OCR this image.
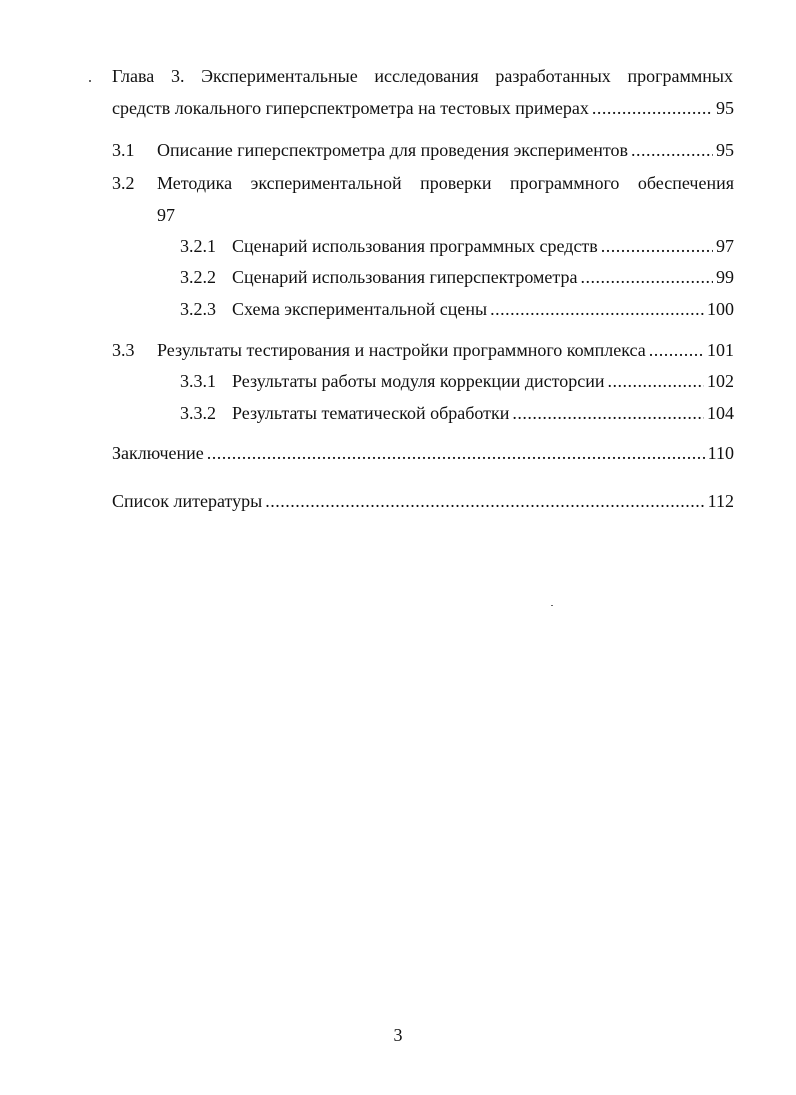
Глава 3. Экспериментальные исследования разработанных программных
средств локального гиперспектрометра на тестовых примерах . . .	95
3.1	Описание гиперспектрометра для проведения экспериментов . . .	95
3.2	Методика экспериментальной проверки программного обеспечения
97
3.2.1 Сценарий использования программных средств . . .	97
3.2.2 Сценарий использования гиперспектрометра . . .	99
3.2.3 Схема экспериментальной сцены . . .	100
3.3	Результаты тестирования и настройки программного комплекса . . .	101
3.3.1 Результаты работы модуля коррекции дисторсии . . .	102
3.3.2 Результаты тематической обработки . . .	104
Заключение . . .	110
Список литературы . . .	112
3
